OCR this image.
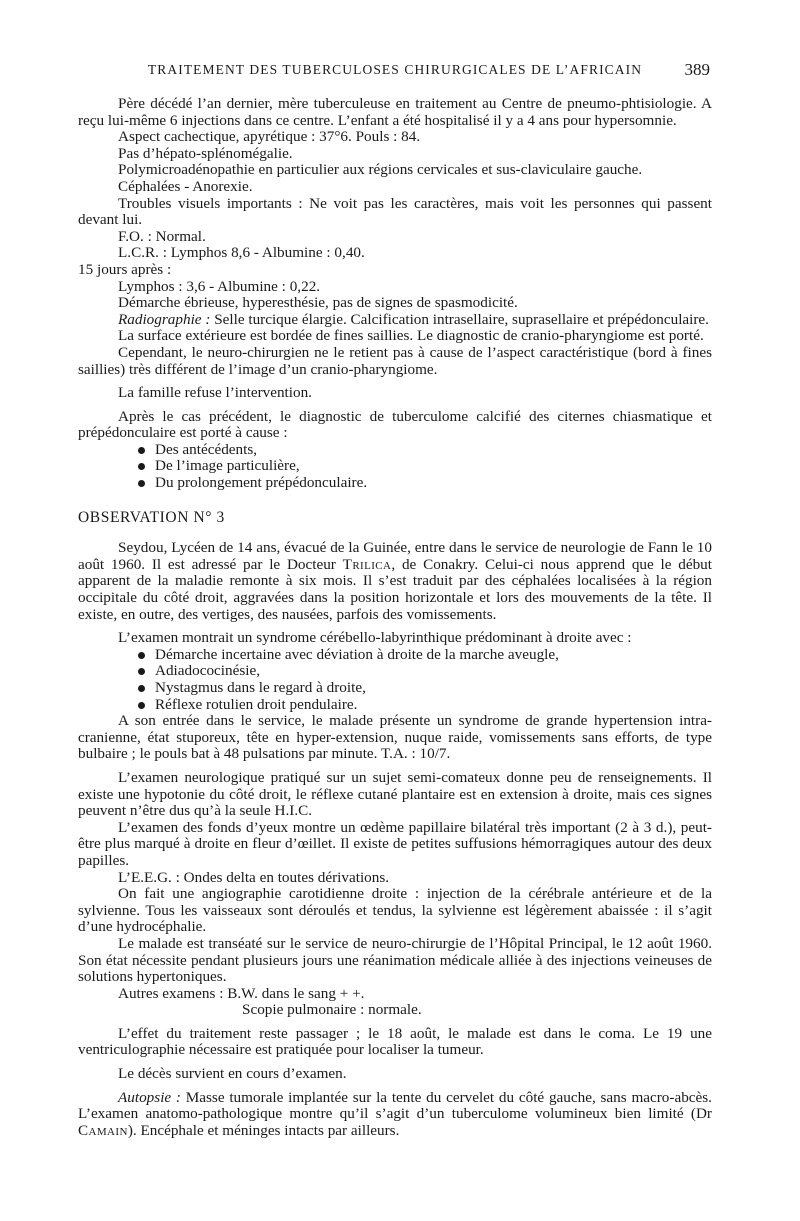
TRAITEMENT DES TUBERCULOSES CHIRURGICALES DE L’AFRICAIN	389

Père décédé l’an dernier, mère tuberculeuse en traitement au Centre de pneumo-phtisiologie. A reçu lui-même 6 injections dans ce centre. L’enfant a été hospitalisé il y a 4 ans pour hypersomnie.

Aspect cachectique, apyrétique : 37°6. Pouls : 84.

Pas d’hépato-splénomégalie.

Polymicroadénopathie en particulier aux régions cervicales et sus-claviculaire gauche.

Céphalées - Anorexie.

Troubles visuels importants : Ne voit pas les caractères, mais voit les personnes qui passent devant lui.

F.O. : Normal.

L.C.R. : Lymphos 8,6 - Albumine : 0,40.

15 jours après :

Lymphos : 3,6 - Albumine : 0,22.

Démarche ébrieuse, hyperesthésie, pas de signes de spasmodicité.

Radiographie : Selle turcique élargie. Calcification intrasellaire, suprasellaire et prépédonculaire.

La surface extérieure est bordée de fines saillies. Le diagnostic de cranio-pharyngiome est porté.

Cependant, le neuro-chirurgien ne le retient pas à cause de l’aspect caractéristique (bord à fines saillies) très différent de l’image d’un cranio-pharyngiome.

La famille refuse l’intervention.

Après le cas précédent, le diagnostic de tuberculome calcifié des citernes chiasmatique et prépédonculaire est porté à cause :

Des antécédents,
De l’image particulière,
Du prolongement prépédonculaire.
OBSERVATION N° 3

Seydou, Lycéen de 14 ans, évacué de la Guinée, entre dans le service de neurologie de Fann le 10 août 1960. Il est adressé par le Docteur Trilica, de Conakry. Celui-ci nous apprend que le début apparent de la maladie remonte à six mois. Il s’est traduit par des céphalées localisées à la région occipitale du côté droit, aggravées dans la position horizontale et lors des mouvements de la tête. Il existe, en outre, des vertiges, des nausées, parfois des vomissements.

L’examen montrait un syndrome cérébello-labyrinthique prédominant à droite avec :

Démarche incertaine avec déviation à droite de la marche aveugle,
Adiadococinésie,
Nystagmus dans le regard à droite,
Réflexe rotulien droit pendulaire.

A son entrée dans le service, le malade présente un syndrome de grande hypertension intra-cranienne, état stuporeux, tête en hyper-extension, nuque raide, vomissements sans efforts, de type bulbaire ; le pouls bat à 48 pulsations par minute. T.A. : 10/7.

L’examen neurologique pratiqué sur un sujet semi-comateux donne peu de renseignements. Il existe une hypotonie du côté droit, le réflexe cutané plantaire est en extension à droite, mais ces signes peuvent n’être dus qu’à la seule H.I.C.

L’examen des fonds d’yeux montre un œdème papillaire bilatéral très important (2 à 3 d.), peut-être plus marqué à droite en fleur d’œillet. Il existe de petites suffusions hémorragiques autour des deux papilles.

L’E.E.G. : Ondes delta en toutes dérivations.

On fait une angiographie carotidienne droite : injection de la cérébrale antérieure et de la sylvienne. Tous les vaisseaux sont déroulés et tendus, la sylvienne est légèrement abaissée : il s’agit d’une hydrocéphalie.

Le malade est transéaté sur le service de neuro-chirurgie de l’Hôpital Principal, le 12 août 1960. Son état nécessite pendant plusieurs jours une réanimation médicale alliée à des injections veineuses de solutions hypertoniques.

Autres examens : B.W. dans le sang + +.

Scopie pulmonaire : normale.

L’effet du traitement reste passager ; le 18 août, le malade est dans le coma. Le 19 une ventriculographie nécessaire est pratiquée pour localiser la tumeur.

Le décès survient en cours d’examen.

Autopsie : Masse tumorale implantée sur la tente du cervelet du côté gauche, sans macro-abcès. L’examen anatomo-pathologique montre qu’il s’agit d’un tuberculome volumineux bien limité (Dr Camain). Encéphale et méninges intacts par ailleurs.
